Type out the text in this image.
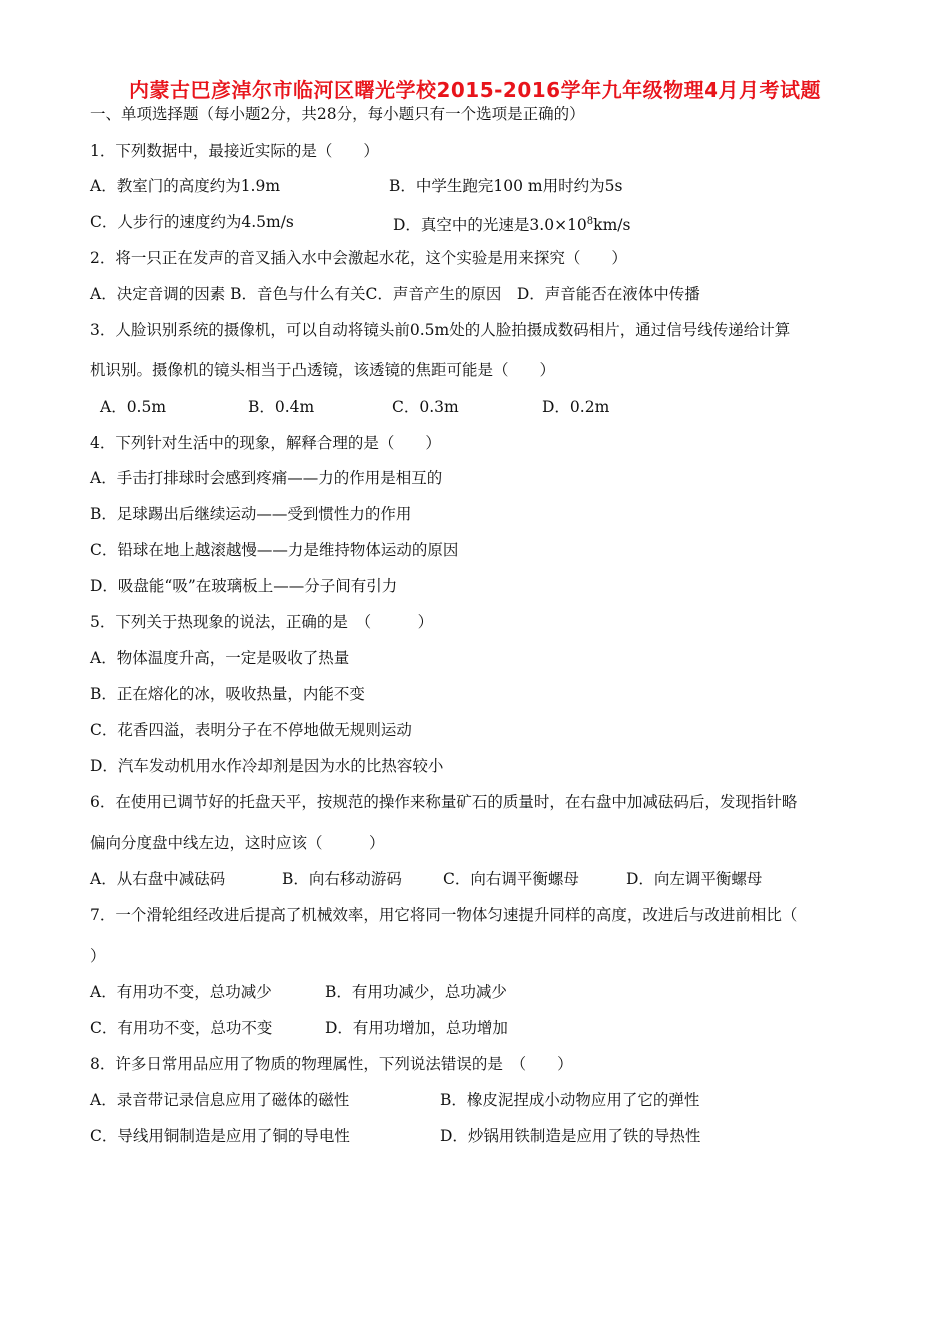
内蒙古巴彦淖尔市临河区曙光学校2015-2016学年九年级物理4月月考试题
一、单项选择题（每小题2分，共28分，每小题只有一个选项是正确的）
1．下列数据中，最接近实际的是（　　）
A．教室门的高度约为1.9m	B．中学生跑完100 m用时约为5s
C．人步行的速度约为4.5m/s	D．真空中的光速是$3.0\times 10^8km/s$
2．将一只正在发声的音叉插入水中会激起水花，这个实验是用来探究（　　）
A．决定音调的因素 B．音色与什么有关C．声音产生的原因　D．声音能否在液体中传播
3．人脸识别系统的摄像机，可以自动将镜头前0.5m处的人脸拍摄成数码相片，通过信号线传递给计算
机识别。摄像机的镜头相当于凸透镜，该透镜的焦距可能是（　　）
A．0.5m	B．0.4m	C．0.3m	D．0.2m
4．下列针对生活中的现象，解释合理的是（　　）
A．手击打排球时会感到疼痛——力的作用是相互的
B．足球踢出后继续运动——受到惯性力的作用
C．铅球在地上越滚越慢——力是维持物体运动的原因
D．吸盘能“吸”在玻璃板上——分子间有引力
5．下列关于热现象的说法，正确的是　（　　　）
A．物体温度升高，一定是吸收了热量
B．正在熔化的冰，吸收热量，内能不变
C．花香四溢，表明分子在不停地做无规则运动
D．汽车发动机用水作冷却剂是因为水的比热容较小
6．在使用已调节好的托盘天平，按规范的操作来称量矿石的质量时，在右盘中加减砝码后，发现指针略
偏向分度盘中线左边，这时应该（　　　）
A．从右盘中减砝码	B．向右移动游码	C．向右调平衡螺母	D．向左调平衡螺母
7．一个滑轮组经改进后提高了机械效率，用它将同一物体匀速提升同样的高度，改进后与改进前相比（
）
A．有用功不变，总功减少	B．有用功减少，总功减少
C．有用功不变，总功不变	D．有用功增加，总功增加
8．许多日常用品应用了物质的物理属性，下列说法错误的是　（　　）
A．录音带记录信息应用了磁体的磁性	B．橡皮泥捏成小动物应用了它的弹性
C．导线用铜制造是应用了铜的导电性	D．炒锅用铁制造是应用了铁的导热性
